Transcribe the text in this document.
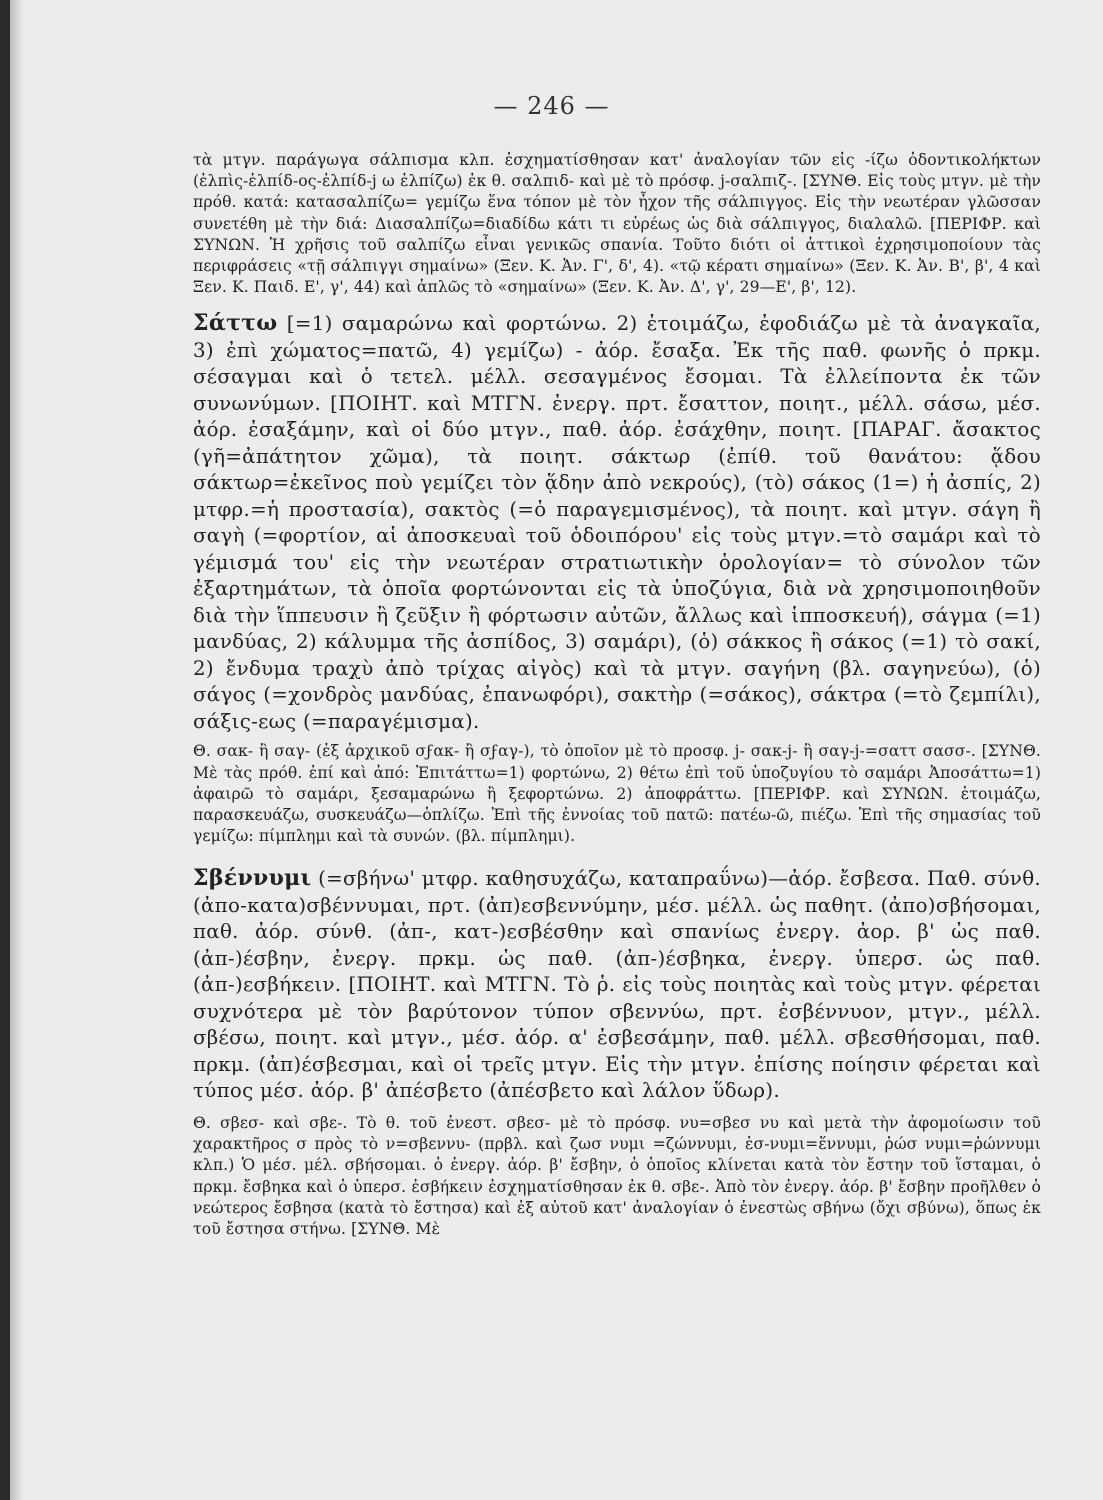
— 246 —

τὰ μτγν. παράγωγα σάλπισμα κλπ. ἐσχηματίσθησαν κατ' ἀναλογίαν τῶν εἰς -ίζω ὀδοντικολήκτων (ἐλπὶς-ἐλπίδ-ος-ἐλπίδ-j ω ἐλπίζω) ἐκ θ. σαλπιδ- καὶ μὲ τὸ πρόσφ. j-σαλπιζ-. [ΣΥΝΘ. Εἰς τοὺς μτγν. μὲ τὴν πρόθ. κατά: κατασαλπίζω= γεμίζω ἕνα τόπον μὲ τὸν ἦχον τῆς σάλπιγγος. Εἰς τὴν νεωτέραν γλῶσσαν συνετέθη μὲ τὴν διά: Διασαλπίζω=διαδίδω κάτι τι εὐρέως ὡς διὰ σάλπιγγος, διαλαλῶ. [ΠΕΡΙΦΡ. καὶ ΣΥΝΩΝ. Ἡ χρῆσις τοῦ σαλπίζω εἶναι γενικῶς σπανία. Τοῦτο διότι οἱ ἀττικοὶ ἐχρησιμοποίουν τὰς περιφράσεις «τῇ σάλπιγγι σημαίνω» (Ξεν. Κ. Ἀν. Γ', δ', 4). «τῷ κέρατι σημαίνω» (Ξεν. Κ. Ἀν. Β', β', 4 καὶ Ξεν. Κ. Παιδ. Ε', γ', 44) καὶ ἁπλῶς τὸ «σημαίνω» (Ξεν. Κ. Ἀν. Δ', γ', 29—Ε', β', 12).

Σάττω [=1) σαμαρώνω καὶ φορτώνω. 2) ἑτοιμάζω, ἐφοδιάζω μὲ τὰ ἀναγκαῖα, 3) ἐπὶ χώματος=πατῶ, 4) γεμίζω) - ἀόρ. ἔσαξα. Ἐκ τῆς παθ. φωνῆς ὁ πρκμ. σέσαγμαι καὶ ὁ τετελ. μέλλ. σεσαγμένος ἔσομαι. Τὰ ἐλλείποντα ἐκ τῶν συνωνύμων. [ΠΟΙΗΤ. καὶ ΜΤΓΝ. ἐνεργ. πρτ. ἔσαττον, ποιητ., μέλλ. σάσω, μέσ. ἀόρ. ἐσαξάμην, καὶ οἱ δύο μτγν., παθ. ἀόρ. ἐσάχθην, ποιητ. [ΠΑΡΑΓ. ἄσακτος (γῆ=ἀπάτητον χῶμα), τὰ ποιητ. σάκτωρ (ἐπίθ. τοῦ θανάτου: ᾅδου σάκτωρ=ἐκεῖνος ποὺ γεμίζει τὸν ᾅδην ἀπὸ νεκρούς), (τὸ) σάκος (1=) ἡ ἀσπίς, 2) μτφρ.=ἡ προστασία), σακτὸς (=ὁ παραγεμισμένος), τὰ ποιητ. καὶ μτγν. σάγη ἢ σαγὴ (=φορτίον, αἱ ἀποσκευαὶ τοῦ ὁδοιπόρου' εἰς τοὺς μτγν.=τὸ σαμάρι καὶ τὸ γέμισμά του' εἰς τὴν νεωτέραν στρατιωτικὴν ὁρολογίαν= τὸ σύνολον τῶν ἐξαρτημάτων, τὰ ὁποῖα φορτώνονται εἰς τὰ ὑποζύγια, διὰ νὰ χρησιμοποιηθοῦν διὰ τὴν ἵππευσιν ἢ ζεῦξιν ἢ φόρτωσιν αὐτῶν, ἄλλως καὶ ἱπποσκευή), σάγμα (=1) μανδύας, 2) κάλυμμα τῆς ἀσπίδος, 3) σαμάρι), (ὁ) σάκκος ἢ σάκος (=1) τὸ σακί, 2) ἔνδυμα τραχὺ ἀπὸ τρίχας αἰγὸς) καὶ τὰ μτγν. σαγήνη (βλ. σαγηνεύω), (ὁ) σάγος (=χονδρὸς μανδύας, ἐπανωφόρι), σακτὴρ (=σάκος), σάκτρα (=τὸ ζεμπίλι), σάξις-εως (=παραγέμισμα).

Θ. σακ- ἢ σαγ- (ἐξ ἀρχικοῦ σϝακ- ἢ σϝαγ-), τὸ ὁποῖον μὲ τὸ προσφ. j- σακ-j- ἢ σαγ-j-=σαττ σασσ-. [ΣΥΝΘ. Μὲ τὰς πρόθ. ἐπί καὶ ἀπό: Ἐπιτάττω=1) φορτώνω, 2) θέτω ἐπὶ τοῦ ὑποζυγίου τὸ σαμάρι Ἀποσάττω=1) ἀφαιρῶ τὸ σαμάρι, ξεσαμαρώνω ἢ ξεφορτώνω. 2) ἀποφράττω. [ΠΕΡΙΦΡ. καὶ ΣΥΝΩΝ. ἑτοιμάζω, παρασκευάζω, συσκευάζω—ὁπλίζω. Ἐπὶ τῆς ἐννοίας τοῦ πατῶ: πατέω-ῶ, πιέζω. Ἐπὶ τῆς σημασίας τοῦ γεμίζω: πίμπλημι καὶ τὰ συνών. (βλ. πίμπλημι).

Σβέννυμι (=σβήνω' μτφρ. καθησυχάζω, καταπραΰνω)—ἀόρ. ἔσβεσα. Παθ. σύνθ. (ἀπο-κατα)σβέννυμαι, πρτ. (ἀπ)εσβεννύμην, μέσ. μέλλ. ὡς παθητ. (ἀπο)σβήσομαι, παθ. ἀόρ. σύνθ. (ἀπ-, κατ-)εσβέσθην καὶ σπανίως ἐνεργ. ἀορ. β' ὡς παθ. (ἀπ-)έσβην, ἐνεργ. πρκμ. ὡς παθ. (ἀπ-)έσβηκα, ἐνεργ. ὑπερσ. ὡς παθ. (ἀπ-)εσβήκειν. [ΠΟΙΗΤ. καὶ ΜΤΓΝ. Τὸ ῥ. εἰς τοὺς ποιητὰς καὶ τοὺς μτγν. φέρεται συχνότερα μὲ τὸν βαρύτονον τύπον σβεννύω, πρτ. ἐσβέννυον, μτγν., μέλλ. σβέσω, ποιητ. καὶ μτγν., μέσ. ἀόρ. α' ἐσβεσάμην, παθ. μέλλ. σβεσθήσομαι, παθ. πρκμ. (ἀπ)έσβεσμαι, καὶ οἱ τρεῖς μτγν. Εἰς τὴν μτγν. ἐπίσης ποίησιν φέρεται καὶ τύπος μέσ. ἀόρ. β' ἀπέσβετο (ἀπέσβετο καὶ λάλον ὕδωρ).

Θ. σβεσ- καὶ σβε-. Τὸ θ. τοῦ ἐνεστ. σβεσ- μὲ τὸ πρόσφ. νυ=σβεσ νυ καὶ μετὰ τὴν ἀφομοίωσιν τοῦ χαρακτῆρος σ πρὸς τὸ ν=σβεννυ- (πρβλ. καὶ ζωσ νυμι =ζώννυμι, ἑσ-νυμι=ἕννυμι, ῥώσ νυμι=ῥώννυμι κλπ.) Ὁ μέσ. μέλ. σβήσομαι. ὁ ἐνεργ. ἀόρ. β' ἔσβην, ὁ ὁποῖος κλίνεται κατὰ τὸν ἔστην τοῦ ἵσταμαι, ὁ πρκμ. ἔσβηκα καὶ ὁ ὑπερσ. ἐσβήκειν ἐσχηματίσθησαν ἐκ θ. σβε-. Ἀπὸ τὸν ἐνεργ. ἀόρ. β' ἔσβην προῆλθεν ὁ νεώτερος ἔσβησα (κατὰ τὸ ἔστησα) καὶ ἐξ αὐτοῦ κατ' ἀναλογίαν ὁ ἐνεστὼς σβήνω (ὄχι σβύνω), ὅπως ἐκ τοῦ ἔστησα στήνω. [ΣΥΝΘ. Μὲ
